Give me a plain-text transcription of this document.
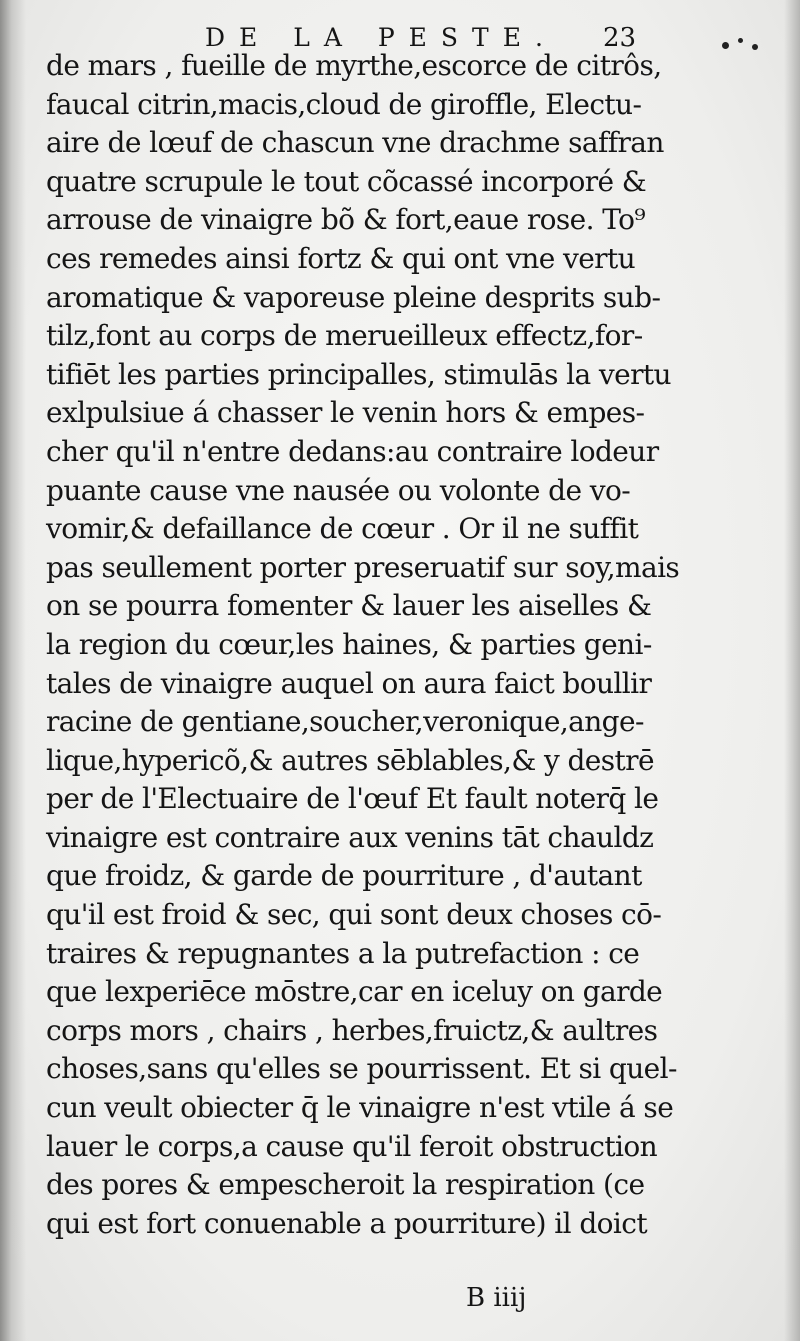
DE LA PESTE. 23
de mars , fueille de myrthe,escorce de citrôs,
faucal citrin,macis,cloud de giroffle, Electu-
aire de lœuf de chascun vne drachme saffran
quatre scrupule le tout cõcassé incorporé &
arrouse de vinaigre bõ & fort,eaue rose. To⁹
ces remedes ainsi fortz & qui ont vne vertu
aromatique & vaporeuse pleine desprits sub-
tilz,font au corps de merueilleux effectz,for-
tifiēt les parties principalles, stimulās la vertu
exlpulsiue á chasser le venin hors & empes-
cher qu'il n'entre dedans:au contraire lodeur
puante cause vne nausée ou volonte de vo-
vomir,& defaillance de cœur . Or il ne suffit
pas seullement porter preseruatif sur soy,mais
on se pourra fomenter & lauer les aiselles &
la region du cœur,les haines, & parties geni-
tales de vinaigre auquel on aura faict boullir
racine de gentiane,soucher,veronique,ange-
lique,hypericõ,& autres sēblables,& y destrē
per de l'Electuaire de l'œuf Et fault noterq̄ le
vinaigre est contraire aux venins tāt chauldz
que froidz, & garde de pourriture , d'autant
qu'il est froid & sec, qui sont deux choses cō-
traires & repugnantes a la putrefaction : ce
que lexperiēce mōstre,car en iceluy on garde
corps mors , chairs , herbes,fruictz,& aultres
choses,sans qu'elles se pourrissent. Et si quel-
cun veult obiecter q̄ le vinaigre n'est vtile á se
lauer le corps,a cause qu'il feroit obstruction
des pores & empescheroit la respiration (ce
qui est fort conuenable a pourriture) il doict
B iiij
